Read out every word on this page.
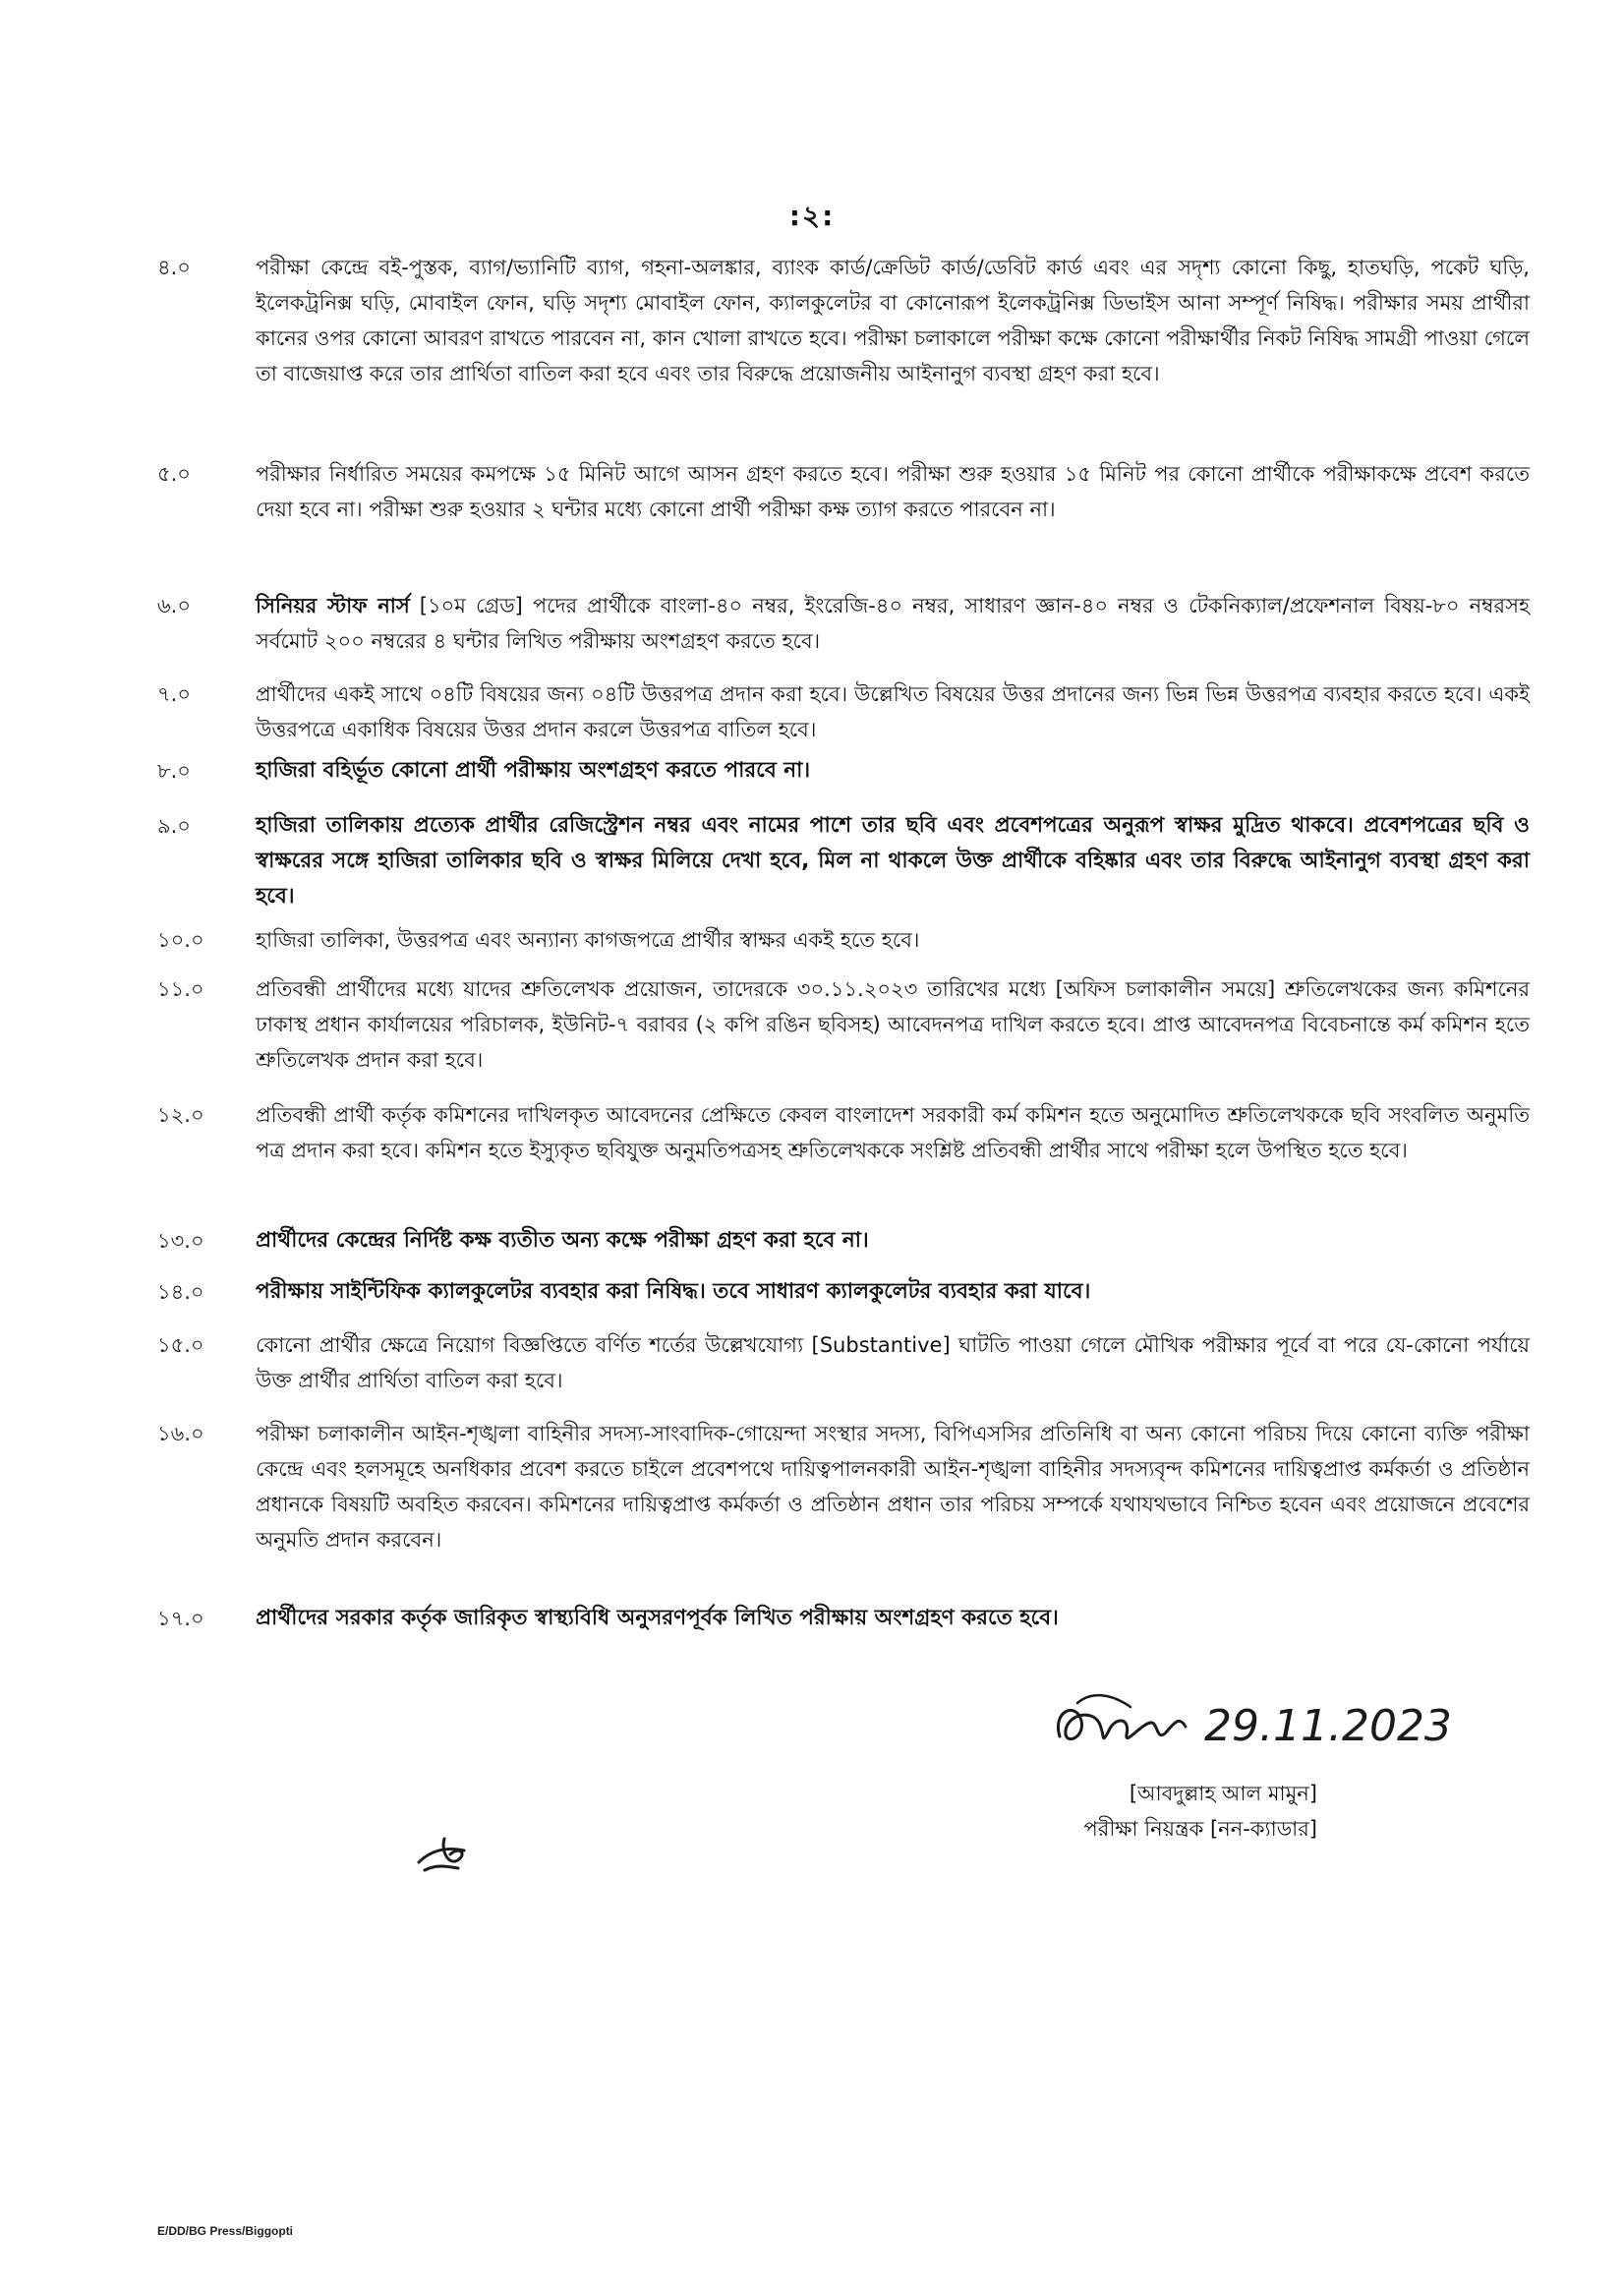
:২:
৪.০	পরীক্ষা কেন্দ্রে বই-পুস্তক, ব্যাগ/ভ্যানিটি ব্যাগ, গহনা-অলঙ্কার, ব্যাংক কার্ড/ক্রেডিট কার্ড/ডেবিট কার্ড এবং এর সদৃশ্য কোনো কিছু, হাতঘড়ি, পকেট ঘড়ি, ইলেকট্রনিক্স ঘড়ি, মোবাইল ফোন, ঘড়ি সদৃশ্য মোবাইল ফোন, ক্যালকুলেটর বা কোনোরূপ ইলেকট্রনিক্স ডিভাইস আনা সম্পূর্ণ নিষিদ্ধ। পরীক্ষার সময় প্রার্থীরা কানের ওপর কোনো আবরণ রাখতে পারবেন না, কান খোলা রাখতে হবে। পরীক্ষা চলাকালে পরীক্ষা কক্ষে কোনো পরীক্ষার্থীর নিকট নিষিদ্ধ সামগ্রী পাওয়া গেলে তা বাজেয়াপ্ত করে তার প্রার্থিতা বাতিল করা হবে এবং তার বিরুদ্ধে প্রয়োজনীয় আইনানুগ ব্যবস্থা গ্রহণ করা হবে।
৫.০	পরীক্ষার নির্ধারিত সময়ের কমপক্ষে ১৫ মিনিট আগে আসন গ্রহণ করতে হবে। পরীক্ষা শুরু হওয়ার ১৫ মিনিট পর কোনো প্রার্থীকে পরীক্ষাকক্ষে প্রবেশ করতে দেয়া হবে না। পরীক্ষা শুরু হওয়ার ২ ঘন্টার মধ্যে কোনো প্রার্থী পরীক্ষা কক্ষ ত্যাগ করতে পারবেন না।
৬.০	সিনিয়র স্টাফ নার্স [১০ম গ্রেড] পদের প্রার্থীকে বাংলা-৪০ নম্বর, ইংরেজি-৪০ নম্বর, সাধারণ জ্ঞান-৪০ নম্বর ও টেকনিক্যাল/প্রফেশনাল বিষয়-৮০ নম্বরসহ সর্বমোট ২০০ নম্বরের ৪ ঘন্টার লিখিত পরীক্ষায় অংশগ্রহণ করতে হবে।
৭.০	প্রার্থীদের একই সাথে ০৪টি বিষয়ের জন্য ০৪টি উত্তরপত্র প্রদান করা হবে। উল্লেখিত বিষয়ের উত্তর প্রদানের জন্য ভিন্ন ভিন্ন উত্তরপত্র ব্যবহার করতে হবে। একই উত্তরপত্রে একাধিক বিষয়ের উত্তর প্রদান করলে উত্তরপত্র বাতিল হবে।
৮.০	হাজিরা বহির্ভূত কোনো প্রার্থী পরীক্ষায় অংশগ্রহণ করতে পারবে না।
৯.০	হাজিরা তালিকায় প্রত্যেক প্রার্থীর রেজিস্ট্রেশন নম্বর এবং নামের পাশে তার ছবি এবং প্রবেশপত্রের অনুরূপ স্বাক্ষর মুদ্রিত থাকবে। প্রবেশপত্রের ছবি ও স্বাক্ষরের সঙ্গে হাজিরা তালিকার ছবি ও স্বাক্ষর মিলিয়ে দেখা হবে, মিল না থাকলে উক্ত প্রার্থীকে বহিষ্কার এবং তার বিরুদ্ধে আইনানুগ ব্যবস্থা গ্রহণ করা হবে।
১০.০	হাজিরা তালিকা, উত্তরপত্র এবং অন্যান্য কাগজপত্রে প্রার্থীর স্বাক্ষর একই হতে হবে।
১১.০	প্রতিবন্ধী প্রার্থীদের মধ্যে যাদের শ্রুতিলেখক প্রয়োজন, তাদেরকে ৩০.১১.২০২৩ তারিখের মধ্যে [অফিস চলাকালীন সময়ে] শ্রুতিলেখকের জন্য কমিশনের ঢাকাস্থ প্রধান কার্যালয়ের পরিচালক, ইউনিট-৭ বরাবর (২ কপি রঙিন ছবিসহ) আবেদনপত্র দাখিল করতে হবে। প্রাপ্ত আবেদনপত্র বিবেচনান্তে কর্ম কমিশন হতে শ্রুতিলেখক প্রদান করা হবে।
১২.০	প্রতিবন্ধী প্রার্থী কর্তৃক কমিশনের দাখিলকৃত আবেদনের প্রেক্ষিতে কেবল বাংলাদেশ সরকারী কর্ম কমিশন হতে অনুমোদিত শ্রুতিলেখককে ছবি সংবলিত অনুমতি পত্র প্রদান করা হবে। কমিশন হতে ইস্যুকৃত ছবিযুক্ত অনুমতিপত্রসহ শ্রুতিলেখককে সংশ্লিষ্ট প্রতিবন্ধী প্রার্থীর সাথে পরীক্ষা হলে উপস্থিত হতে হবে।
১৩.০	প্রার্থীদের কেন্দ্রের নির্দিষ্ট কক্ষ ব্যতীত অন্য কক্ষে পরীক্ষা গ্রহণ করা হবে না।
১৪.০	পরীক্ষায় সাইন্টিফিক ক্যালকুলেটর ব্যবহার করা নিষিদ্ধ। তবে সাধারণ ক্যালকুলেটর ব্যবহার করা যাবে।
১৫.০	কোনো প্রার্থীর ক্ষেত্রে নিয়োগ বিজ্ঞপ্তিতে বর্ণিত শর্তের উল্লেখযোগ্য [Substantive] ঘাটতি পাওয়া গেলে মৌখিক পরীক্ষার পূর্বে বা পরে যে-কোনো পর্যায়ে উক্ত প্রার্থীর প্রার্থিতা বাতিল করা হবে।
১৬.০	পরীক্ষা চলাকালীন আইন-শৃঙ্খলা বাহিনীর সদস্য-সাংবাদিক-গোয়েন্দা সংস্থার সদস্য, বিপিএসসির প্রতিনিধি বা অন্য কোনো পরিচয় দিয়ে কোনো ব্যক্তি পরীক্ষা কেন্দ্রে এবং হলসমূহে অনধিকার প্রবেশ করতে চাইলে প্রবেশপথে দায়িত্বপালনকারী আইন-শৃঙ্খলা বাহিনীর সদস্যবৃন্দ কমিশনের দায়িত্বপ্রাপ্ত কর্মকর্তা ও প্রতিষ্ঠান প্রধানকে বিষয়টি অবহিত করবেন। কমিশনের দায়িত্বপ্রাপ্ত কর্মকর্তা ও প্রতিষ্ঠান প্রধান তার পরিচয় সম্পর্কে যথাযথভাবে নিশ্চিত হবেন এবং প্রয়োজনে প্রবেশের অনুমতি প্রদান করবেন।
১৭.০	প্রার্থীদের সরকার কর্তৃক জারিকৃত স্বাস্থ্যবিধি অনুসরণপূর্বক লিখিত পরীক্ষায় অংশগ্রহণ করতে হবে।
29.11.2023
[আবদুল্লাহ আল মামুন]
পরীক্ষা নিয়ন্ত্রক [নন-ক্যাডার]
E/DD/BG Press/Biggopti
